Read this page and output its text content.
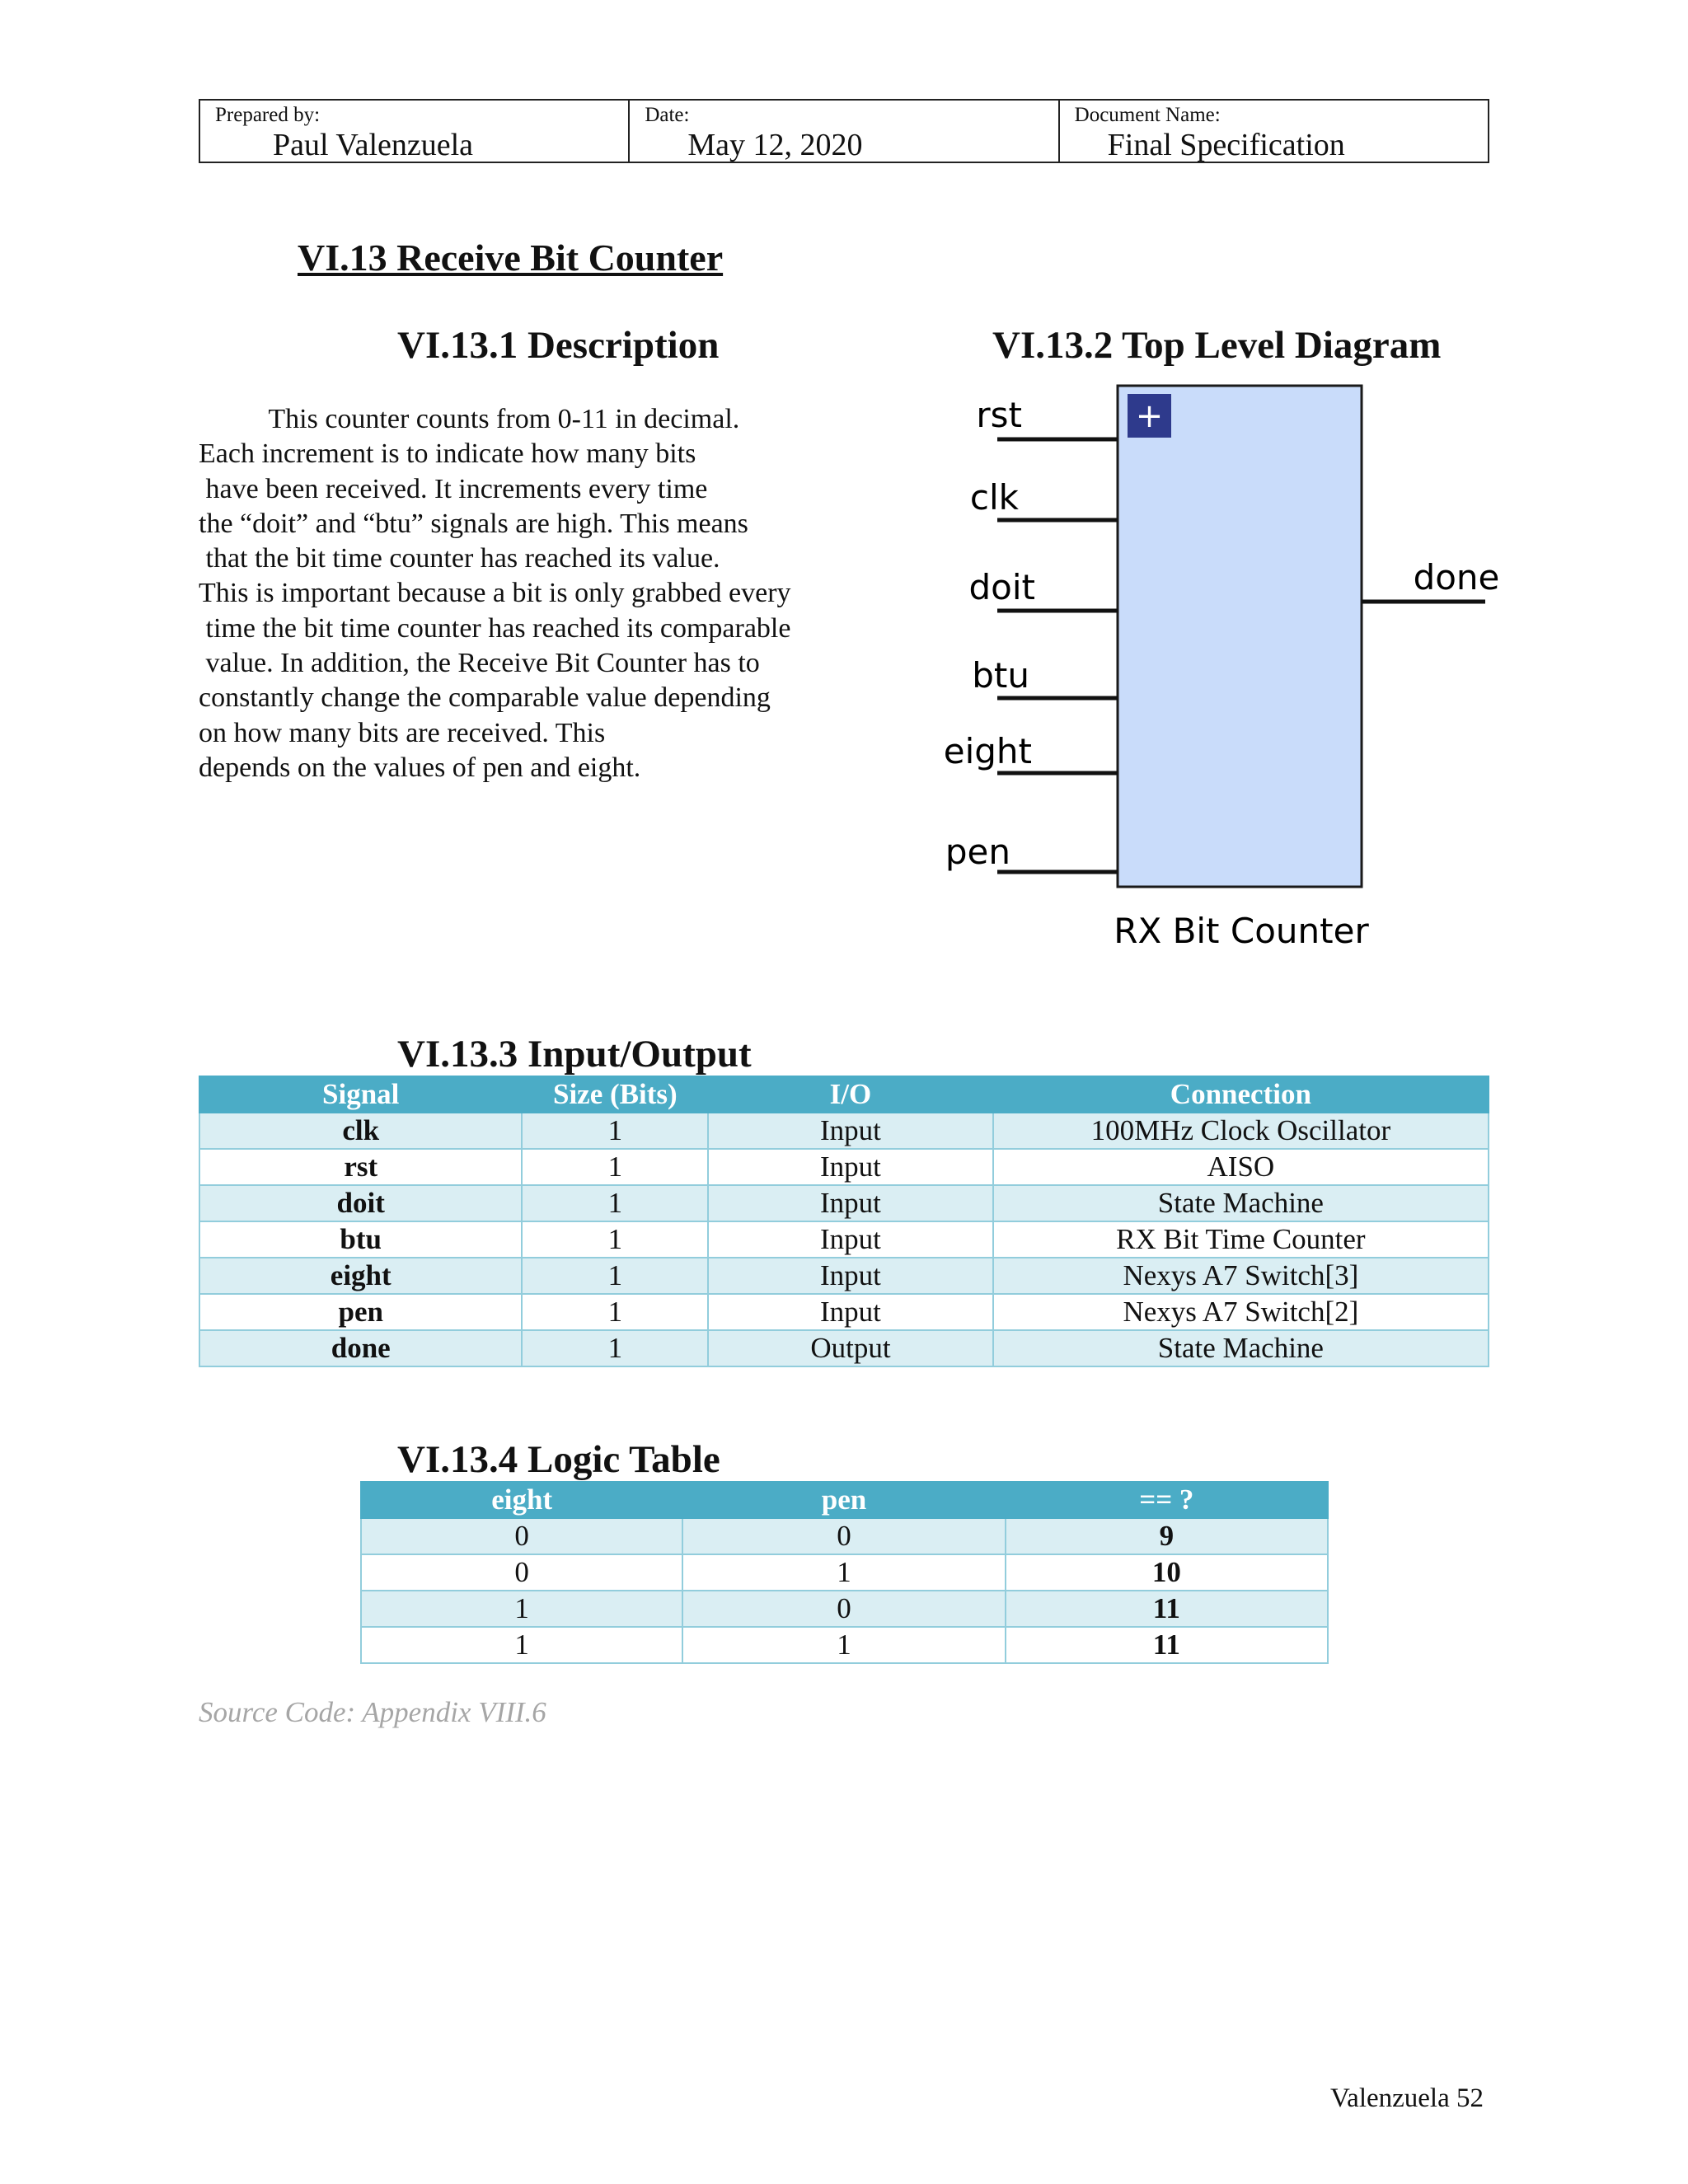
Prepared by:
Paul Valenzuela
Date:
May 12, 2020
Document Name:
Final Specification
VI.13 Receive Bit Counter
VI.13.1 Description

This counter counts from 0-11 in decimal.

Each increment is to indicate how many bits

have been received. It increments every time

the “doit” and “btu” signals are high. This means

that the bit time counter has reached its value.

This is important because a bit is only grabbed every

time the bit time counter has reached its comparable

value. In addition, the Receive Bit Counter has to

constantly change the comparable value depending

on how many bits are received. This

depends on the values of pen and eight.

VI.13.2 Top Level Diagram
+
rst
clk
doit
btu
eight
pen
done
RX Bit Counter
VI.13.3 Input/Output
Signal	Size (Bits)	I/O	Connection
clk	1	Input	100MHz Clock Oscillator
rst	1	Input	AISO
doit	1	Input	State Machine
btu	1	Input	RX Bit Time Counter
eight	1	Input	Nexys A7 Switch[3]
pen	1	Input	Nexys A7 Switch[2]
done	1	Output	State Machine
VI.13.4 Logic Table
eight	pen	== ?
0	0	9
0	1	10
1	0	11
1	1	11
Source Code: Appendix VIII.6
Valenzuela 52
